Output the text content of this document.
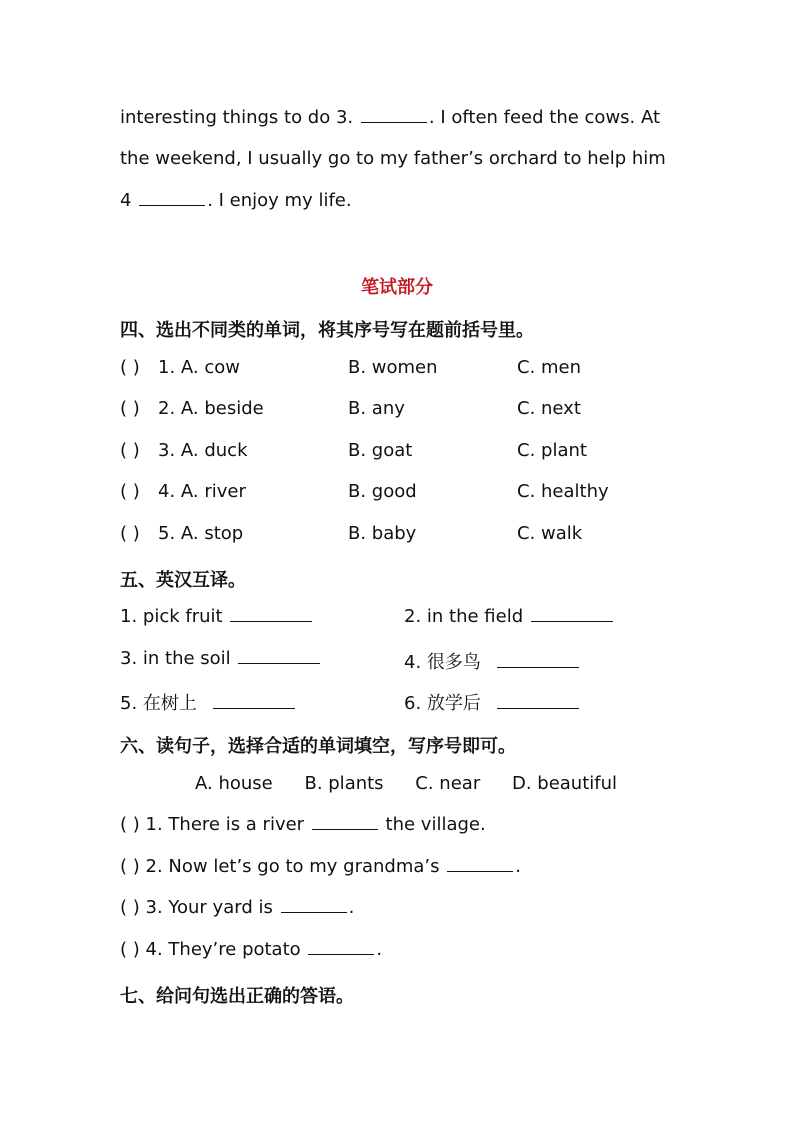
interesting things to do 3.	. I often feed the cows. At
the weekend, I usually go to my father’s orchard to help him
4	. I enjoy my life.
笔试部分
四、选出不同类的单词，将其序号写在题前括号里。
( ) 1. A. cow	B. women	C. men
( ) 2. A. beside	B. any	C. next
( ) 3. A. duck	B. goat	C. plant
( ) 4. A. river	B. good	C. healthy
( ) 5. A. stop	B. baby	C. walk
五、英汉互译。
1. pick fruit	2. in the field
3. in the soil	4. 很多鸟
5. 在树上	6. 放学后
六、读句子，选择合适的单词填空，写序号即可。
A. house B. plants C. near D. beautiful
( ) 1. There is a river	the village.
( ) 2. Now let’s go to my grandma’s	.
( ) 3. Your yard is	.
( ) 4. They’re potato	.
七、给问句选出正确的答语。
